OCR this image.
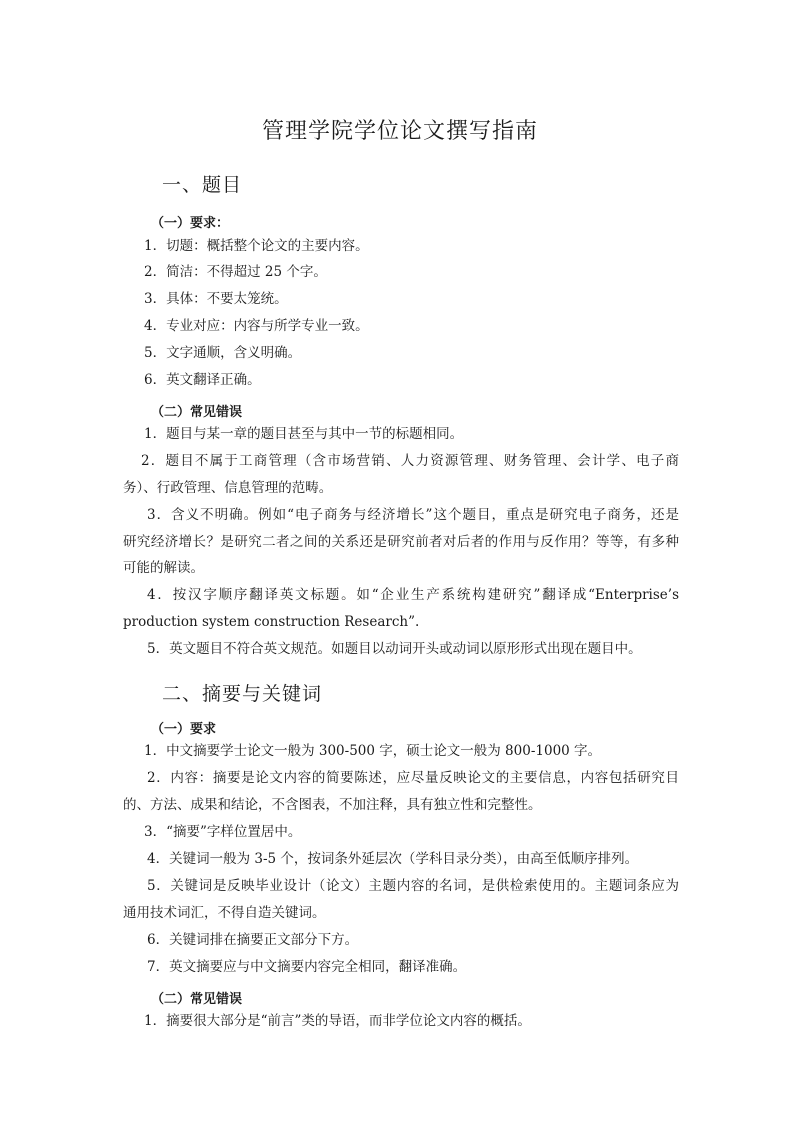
管理学院学位论文撰写指南
一、题目
（一）要求：
1．切题：概括整个论文的主要内容。
2．简洁：不得超过 25 个字。
3．具体：不要太笼统。
4．专业对应：内容与所学专业一致。
5．文字通顺，含义明确。
6．英文翻译正确。
（二）常见错误
1．题目与某一章的题目甚至与其中一节的标题相同。
2．题目不属于工商管理（含市场营销、人力资源管理、财务管理、会计学、电子商
务）、行政管理、信息管理的范畴。
3．含义不明确。例如“电子商务与经济增长”这个题目，重点是研究电子商务，还是
研究经济增长？是研究二者之间的关系还是研究前者对后者的作用与反作用？等等，有多种
可能的解读。
4．按汉字顺序翻译英文标题。如“企业生产系统构建研究”翻译成“Enterprise’s
production system construction Research”.
5．英文题目不符合英文规范。如题目以动词开头或动词以原形形式出现在题目中。
二、摘要与关键词
（一）要求
1．中文摘要学士论文一般为 300-500 字，硕士论文一般为 800-1000 字。
2．内容：摘要是论文内容的简要陈述，应尽量反映论文的主要信息，内容包括研究目
的、方法、成果和结论，不含图表，不加注释，具有独立性和完整性。
3．“摘要”字样位置居中。
4．关键词一般为 3-5 个，按词条外延层次（学科目录分类），由高至低顺序排列。
5．关键词是反映毕业设计（论文）主题内容的名词，是供检索使用的。主题词条应为
通用技术词汇，不得自造关键词。
6．关键词排在摘要正文部分下方。
7．英文摘要应与中文摘要内容完全相同，翻译准确。
（二）常见错误
1．摘要很大部分是“前言”类的导语，而非学位论文内容的概括。
